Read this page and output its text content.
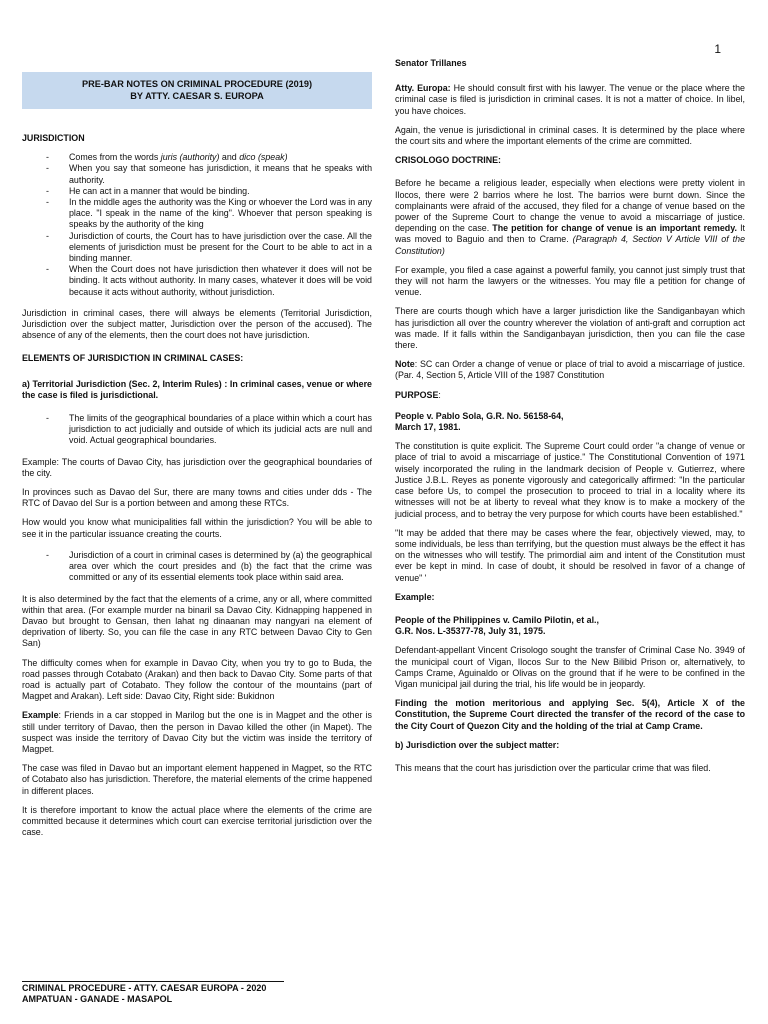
1
PRE-BAR NOTES ON CRIMINAL PROCEDURE (2019)
BY ATTY. CAESAR S. EUROPA
JURISDICTION
- Comes from the words juris (authority) and dico (speak)
- When you say that someone has jurisdiction, it means that he speaks with authority.
- He can act in a manner that would be binding.
- In the middle ages the authority was the King or whoever the Lord was in any place. "I speak in the name of the king". Whoever that person speaking is speaks by the authority of the king
- Jurisdiction of courts, the Court has to have jurisdiction over the case. All the elements of jurisdiction must be present for the Court to be able to act in a binding manner.
- When the Court does not have jurisdiction then whatever it does will not be binding. It acts without authority. In many cases, whatever it does will be void because it acts without authority, without jurisdiction.

Jurisdiction in criminal cases, there will always be elements (Territorial Jurisdiction, Jurisdiction over the subject matter, Jurisdiction over the person of the accused). The absence of any of the elements, then the court does not have jurisdiction.

ELEMENTS OF JURISDICTION IN CRIMINAL CASES:

a) Territorial Jurisdiction (Sec. 2, Interim Rules) : In criminal cases, venue or where the case is filed is jurisdictional.

- The limits of the geographical boundaries of a place within which a court has jurisdiction to act judicially and outside of which its judicial acts are null and void. Actual geographical boundaries.

Example: The courts of Davao City, has jurisdiction over the geographical boundaries of the city.

In provinces such as Davao del Sur, there are many towns and cities under dds - The RTC of Davao del Sur is a portion between and among these RTCs.

How would you know what municipalities fall within the jurisdiction? You will be able to see it in the particular issuance creating the courts.

- Jurisdiction of a court in criminal cases is determined by (a) the geographical area over which the court presides and (b) the fact that the crime was committed or any of its essential elements took place within said area.

It is also determined by the fact that the elements of a crime, any or all, where committed within that area. (For example murder na binaril sa Davao City. Kidnapping happened in Davao but brought to Gensan, then lahat ng dinaanan may nangyari na element of deprivation of liberty. So, you can file the case in any RTC between Davao City to Gen San)

The difficulty comes when for example in Davao City, when you try to go to Buda, the road passes through Cotabato (Arakan) and then back to Davao City. Some parts of that road is actually part of Cotabato. They follow the contour of the mountains (part of Magpet and Arakan). Left side: Davao City, Right side: Bukidnon

Example: Friends in a car stopped in Marilog but the one is in Magpet and the other is still under territory of Davao, then the person in Davao killed the other (in Mapet). The suspect was inside the territory of Davao City but the victim was inside the territory of Magpet.

The case was filed in Davao but an important element happened in Magpet, so the RTC of Cotabato also has jurisdiction. Therefore, the material elements of the crime happened in different places.

It is therefore important to know the actual place where the elements of the crime are committed because it determines which court can exercise territorial jurisdiction over the case.

Senator Trillanes

Atty. Europa: He should consult first with his lawyer. The venue or the place where the criminal case is filed is jurisdiction in criminal cases. It is not a matter of choice. In libel, you have choices.

Again, the venue is jurisdictional in criminal cases. It is determined by the place where the court sits and where the important elements of the crime are committed.

CRISOLOGO DOCTRINE:

Before he became a religious leader, especially when elections were pretty violent in Ilocos, there were 2 barrios where he lost. The barrios were burnt down. Since the complainants were afraid of the accused, they filed for a change of venue based on the power of the Supreme Court to change the venue to avoid a miscarriage of justice. depending on the case. The petition for change of venue is an important remedy. It was moved to Baguio and then to Crame. (Paragraph 4, Section V Article VIII of the Constitution)

For example, you filed a case against a powerful family, you cannot just simply trust that they will not harm the lawyers or the witnesses. You may file a petition for change of venue.

There are courts though which have a larger jurisdiction like the Sandiganbayan which has jurisdiction all over the country wherever the violation of anti-graft and corruption act was made. If it falls within the Sandiganbayan jurisdiction, then you can file the case there.

Note: SC can Order a change of venue or place of trial to avoid a miscarriage of justice. (Par. 4, Section 5, Article VIII of the 1987 Constitution

PURPOSE:

People v. Pablo Sola, G.R. No. 56158-64,
March 17, 1981.

The constitution is quite explicit. The Supreme Court could order "a change of venue or place of trial to avoid a miscarriage of justice." The Constitutional Convention of 1971 wisely incorporated the ruling in the landmark decision of People v. Gutierrez, where Justice J.B.L. Reyes as ponente vigorously and categorically affirmed: "In the particular case before Us, to compel the prosecution to proceed to trial in a locality where its witnesses will not be at liberty to reveal what they know is to make a mockery of the judicial process, and to betray the very purpose for which courts have been established."

"It may be added that there may be cases where the fear, objectively viewed, may, to some individuals, be less than terrifying, but the question must always be the effect it has on the witnesses who will testify. The primordial aim and intent of the Constitution must ever be kept in mind. In case of doubt, it should be resolved in favor of a change of venue" '

Example:

People of the Philippines v. Camilo Pilotin, et al.,
G.R. Nos. L-35377-78, July 31, 1975.

Defendant-appellant Vincent Crisologo sought the transfer of Criminal Case No. 3949 of the municipal court of Vigan, Ilocos Sur to the New Bilibid Prison or, alternatively, to Camps Crame, Aguinaldo or Olivas on the ground that if he were to be confined in the Vigan municipal jail during the trial, his life would be in jeopardy.

Finding the motion meritorious and applying Sec. 5(4), Article X of the Constitution, the Supreme Court directed the transfer of the record of the case to the City Court of Quezon City and the holding of the trial at Camp Crame.

b) Jurisdiction over the subject matter:

This means that the court has jurisdiction over the particular crime that was filed.

CRIMINAL PROCEDURE - ATTY. CAESAR EUROPA - 2020
AMPATUAN - GANADE - MASAPOL
